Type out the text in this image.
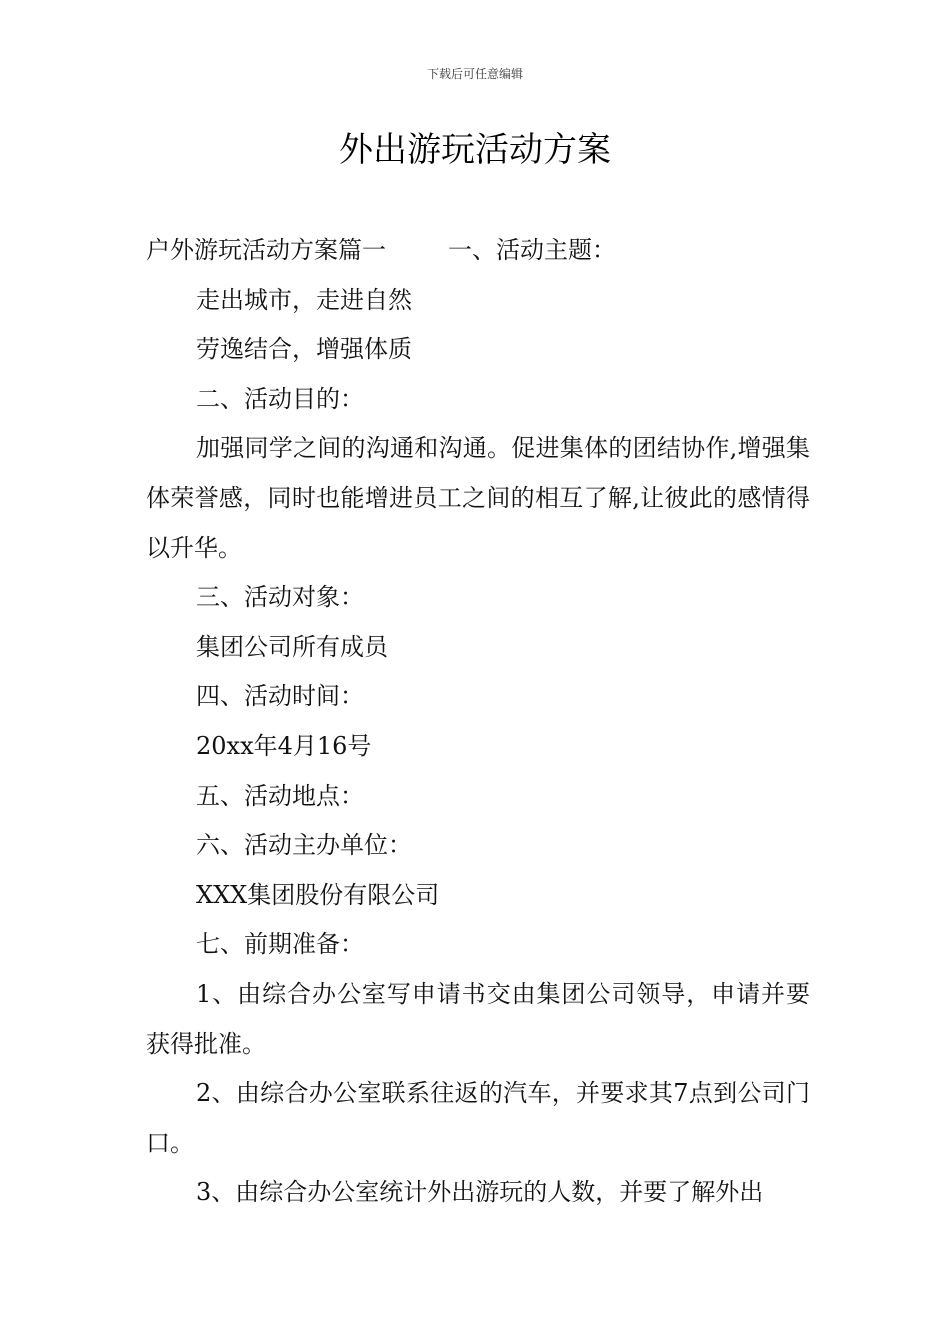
下载后可任意编辑
外出游玩活动方案

户外游玩活动方案篇一	一、活动主题：

走出城市，走进自然

劳逸结合，增强体质

二、活动目的：

加强同学之间的沟通和沟通。促进集体的团结协作,增强集体荣誉感，同时也能增进员工之间的相互了解,让彼此的感情得以升华。

三、活动对象：

集团公司所有成员

四、活动时间：

20xx年4月16号

五、活动地点：

六、活动主办单位：

XXX集团股份有限公司

七、前期准备：

1、由综合办公室写申请书交由集团公司领导，申请并要获得批准。

2、由综合办公室联系往返的汽车，并要求其7点到公司门口。

3、由综合办公室统计外出游玩的人数，并要了解外出
